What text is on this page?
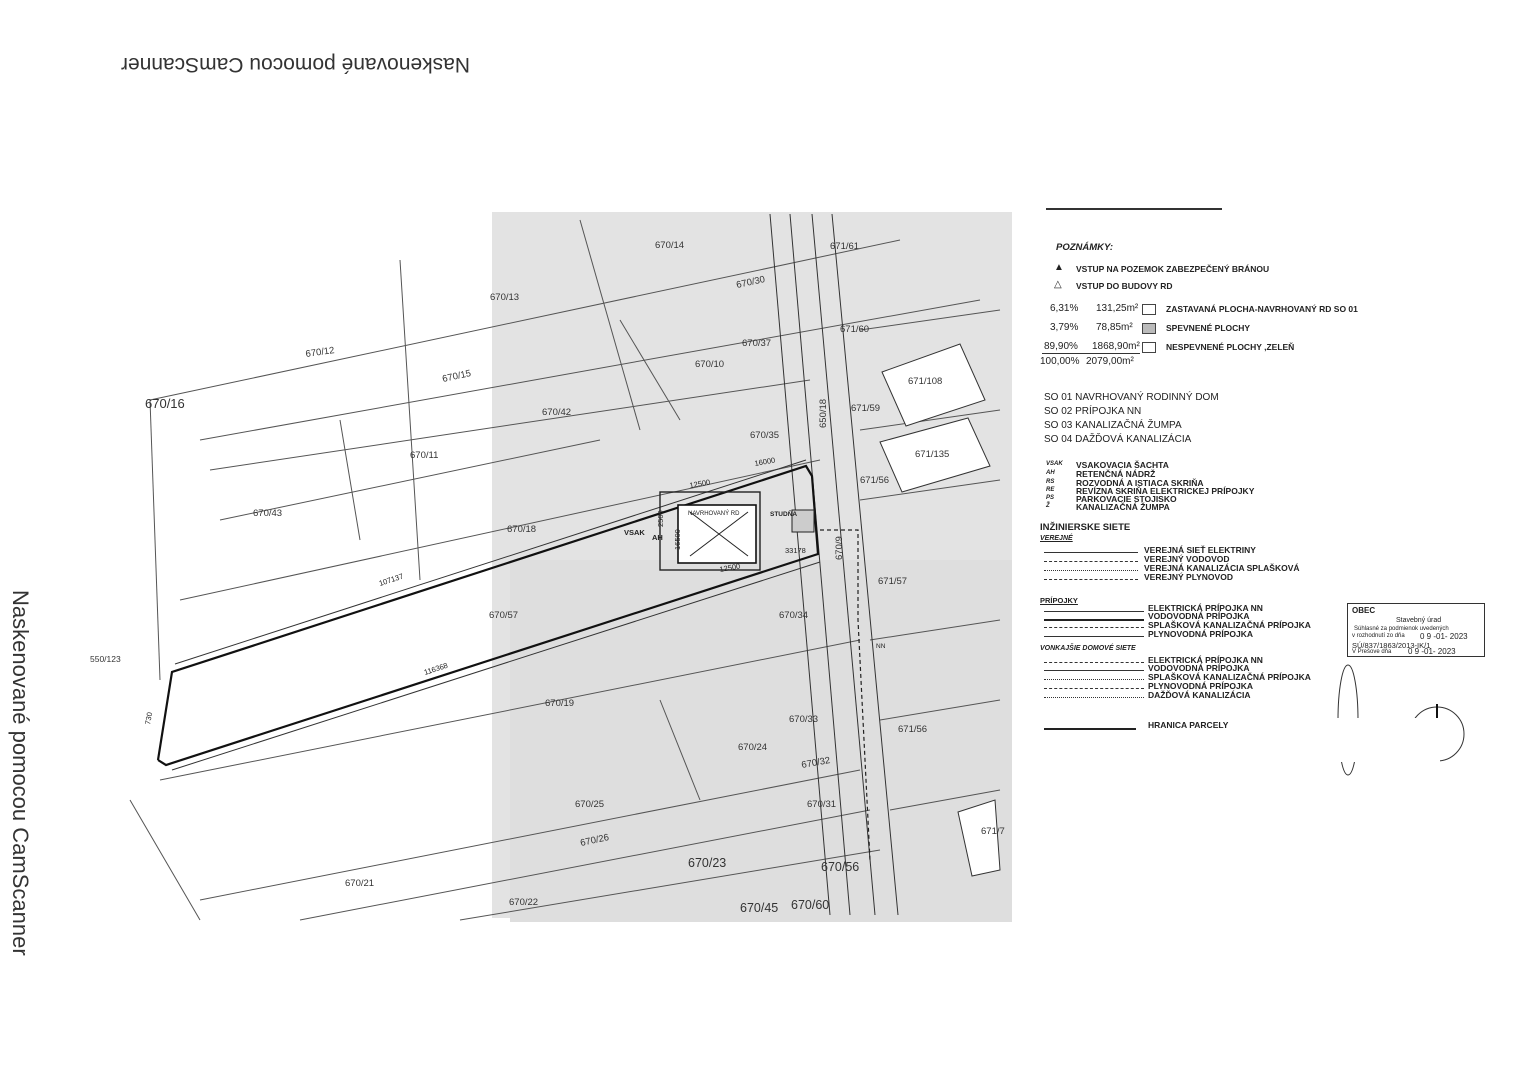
Naskenované pomocou CamScanner
Naskenované pomocou CamScanner
670/14	671/61
670/30
670/13
671/60
670/12
670/37
670/10
670/15	671/108
670/16	650/18 671/59
670/42
670/35
670/11	671/135
671/56
670/43
670/18
670/9
671/57
670/57	670/34
550/123
670/19
670/33
671/56
670/24
670/32
670/25	670/31
670/26
671/7
670/23	670/56
670/21
670/22	670/45 670/60
16000
12500
12500
107137
116368
730
16500
2500
33178
VSAK
AH
NAVRHOVANÝ RD	STUDŇA
NN
POZNÁMKY:
▲ VSTUP NA POZEMOK ZABEZPEČENÝ BRÁNOU
△ VSTUP DO BUDOVY RD
6,31% 131,25m²	ZASTAVANÁ PLOCHA-NAVRHOVANÝ RD SO 01
3,79% 78,85m²	SPEVNENÉ PLOCHY
89,90% 1868,90m²	NESPEVNENÉ PLOCHY ,ZELEŇ
100,00% 2079,00m²
SO 01 NAVRHOVANÝ RODINNÝ DOM
SO 02 PRÍPOJKA NN
SO 03 KANALIZAČNÁ ŽUMPA
SO 04 DAŽĎOVÁ KANALIZÁCIA
VSAK VSAKOVACIA ŠACHTA
AH	RETENČNÁ NÁDRŽ
RS	ROZVODNÁ A ISTIACA SKRIŇA
RE	REVÍZNA SKRIŇA ELEKTRICKEJ PRÍPOJKY
PS	PARKOVACIE STOJISKO
Ž	KANALIZAČNÁ ŽUMPA
INŽINIERSKE SIETE
VEREJNÉ
VEREJNÁ SIEŤ ELEKTRINY
VEREJNÝ VODOVOD
VEREJNÁ KANALIZÁCIA SPLAŠKOVÁ
VEREJNÝ PLYNOVOD
PRÍPOJKY
ELEKTRICKÁ PRÍPOJKA NN
VODOVODNÁ PRÍPOJKA
SPLAŠKOVÁ KANALIZAČNÁ PRÍPOJKA
PLYNOVODNÁ PRÍPOJKA
VONKAJŠIE DOMOVÉ SIETE
ELEKTRICKÁ PRÍPOJKA NN
VODOVODNÁ PRÍPOJKA
SPLAŠKOVÁ KANALIZAČNÁ PRÍPOJKA
PLYNOVODNÁ PRÍPOJKA
DAŽĎOVÁ KANALIZÁCIA
HRANICA PARCELY
OBEC
Stavebný úrad
Súhlasné za podmienok uvedených
v rozhodnutí zo dňa 0 9 -01- 2023
SÚ/837/1863/2013-IK/1
V Prešove dňa 0 9 -01- 2023
